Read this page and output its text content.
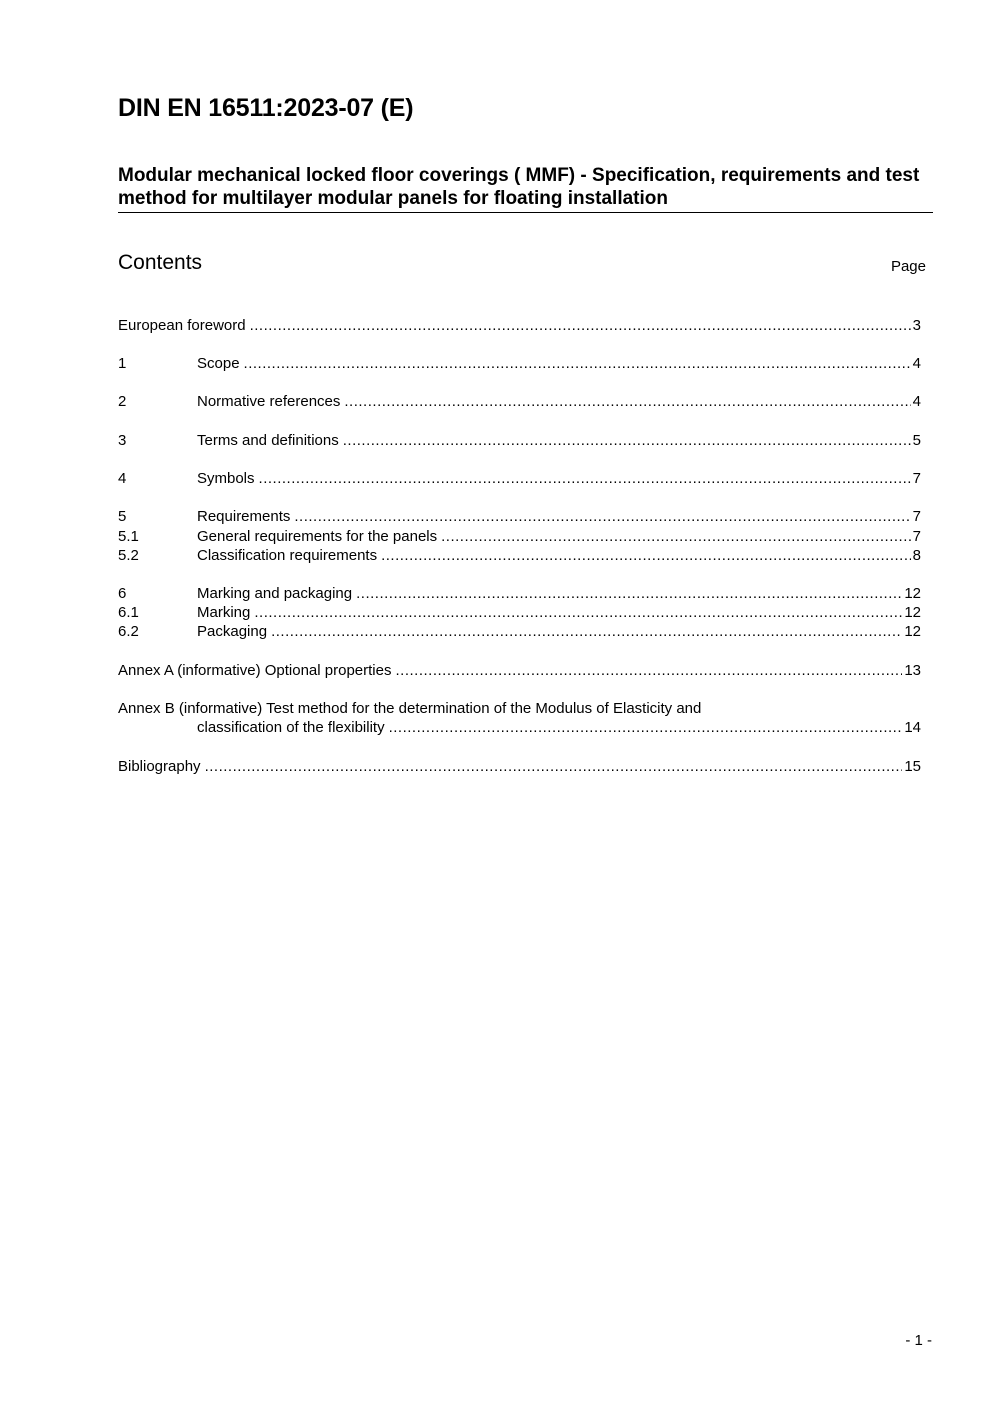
DIN EN 16511:2023-07 (E)
Modular mechanical locked floor coverings ( MMF) - Specification, requirements and test method for multilayer modular panels for floating installation
Contents	Page
European foreword .....	3
1	Scope .....	4
2	Normative references .....	4
3	Terms and definitions .....	5
4	Symbols .....	7
5	Requirements .....	7
5.1	General requirements for the panels .....	7
5.2	Classification requirements .....	8
6	Marking and packaging .....	12
6.1	Marking .....	12
6.2	Packaging .....	12
Annex A (informative) Optional properties .....	13
Annex B (informative) Test method for the determination of the Modulus of Elasticity and
classification of the flexibility .....	14
Bibliography .....	15
- 1 -
